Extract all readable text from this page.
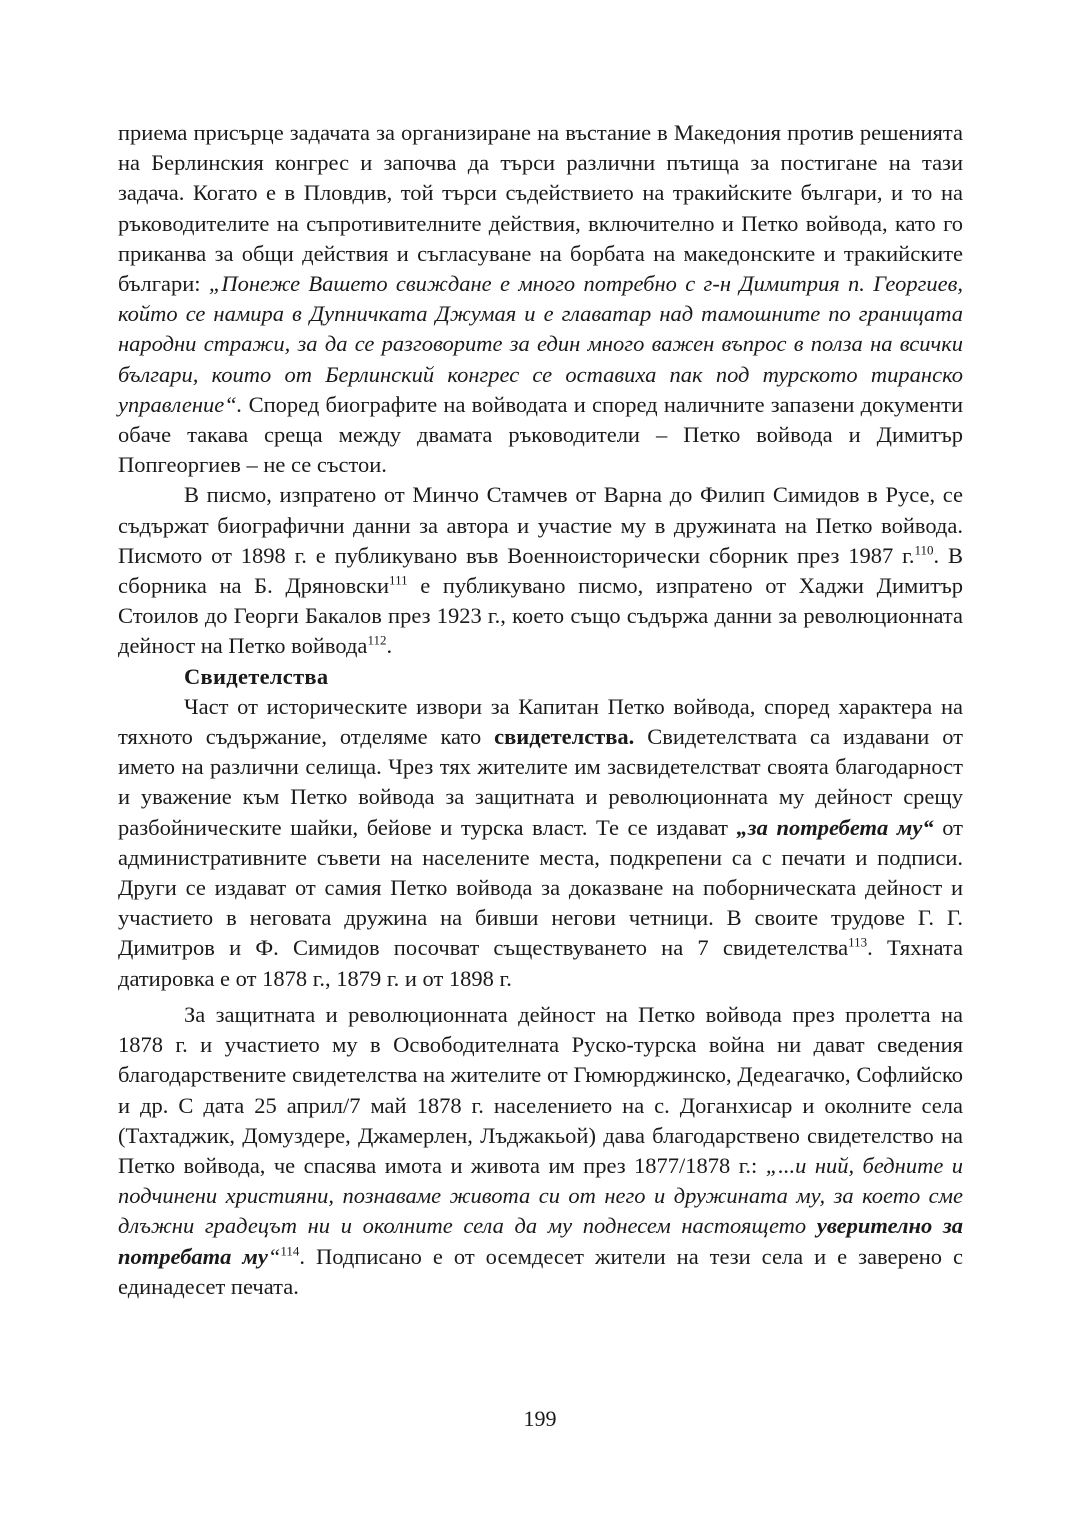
приема присърце задачата за организиране на въстание в Македония против решенията на Берлинския конгрес и започва да търси различни пътища за постигане на тази задача. Когато е в Пловдив, той търси съдействието на тракийските българи, и то на ръководителите на съпротивителните действия, включително и Петко войвода, като го приканва за общи действия и съгласуване на борбата на македонските и тракийските българи: „Понеже Вашето свиждане е много потребно с г-н Димитрия п. Георгиев, който се намира в Дупничката Джумая и е главатар над тамошните по границата народни стражи, за да се разговорите за един много важен въпрос в полза на всички българи, които от Берлинский конгрес се оставиха пак под турското тиранско управление“. Според биографите на войводата и според наличните запазени документи обаче такава среща между двамата ръководители – Петко войвода и Димитър Попгеоргиев – не се състои.

В писмо, изпратено от Минчо Стамчев от Варна до Филип Симидов в Русе, се съдържат биографични данни за автора и участие му в дружината на Петко войвода. Писмото от 1898 г. е публикувано във Военноисторически сборник през 1987 г.$^{110}$. В сборника на Б. Дряновски$^{111}$ е публикувано писмо, изпратено от Хаджи Димитър Стоилов до Георги Бакалов през 1923 г., което също съдържа данни за революционната дейност на Петко войвода$^{112}$.

Свидетелства

Част от историческите извори за Капитан Петко войвода, според характера на тяхното съдържание, отделяме като свидетелства. Свидетелствата са издавани от името на различни селища. Чрез тях жителите им засвидетелстват своята благодарност и уважение към Петко войвода за защитната и революционната му дейност срещу разбойническите шайки, бейове и турска власт. Те се издават „за потребета му“ от административните съвети на населените места, подкрепени са с печати и подписи. Други се издават от самия Петко войвода за доказване на поборническата дейност и участието в неговата дружина на бивши негови четници. В своите трудове Г. Г. Димитров и Ф. Симидов посочват съществуването на 7 свидетелства$^{113}$. Тяхната датировка е от 1878 г., 1879 г. и от 1898 г.

За защитната и революционната дейност на Петко войвода през пролетта на 1878 г. и участието му в Освободителната Руско-турска война ни дават сведения благодарствените свидетелства на жителите от Гюмюрджинско, Дедеагачко, Софлийско и др. С дата 25 април/7 май 1878 г. населението на с. Доганхисар и околните села (Тахтаджик, Домуздере, Джамерлен, Лъджакьой) дава благодарствено свидетелство на Петко войвода, че спасява имота и живота им през 1877/1878 г.: „...и ний, бедните и подчинени християни, познаваме живота си от него и дружината му, за което сме длъжни градецът ни и околните села да му поднесем настоящето уверително за потребата му“$^{114}$. Подписано е от осемдесет жители на тези села и е заверено с единадесет печата.

199
